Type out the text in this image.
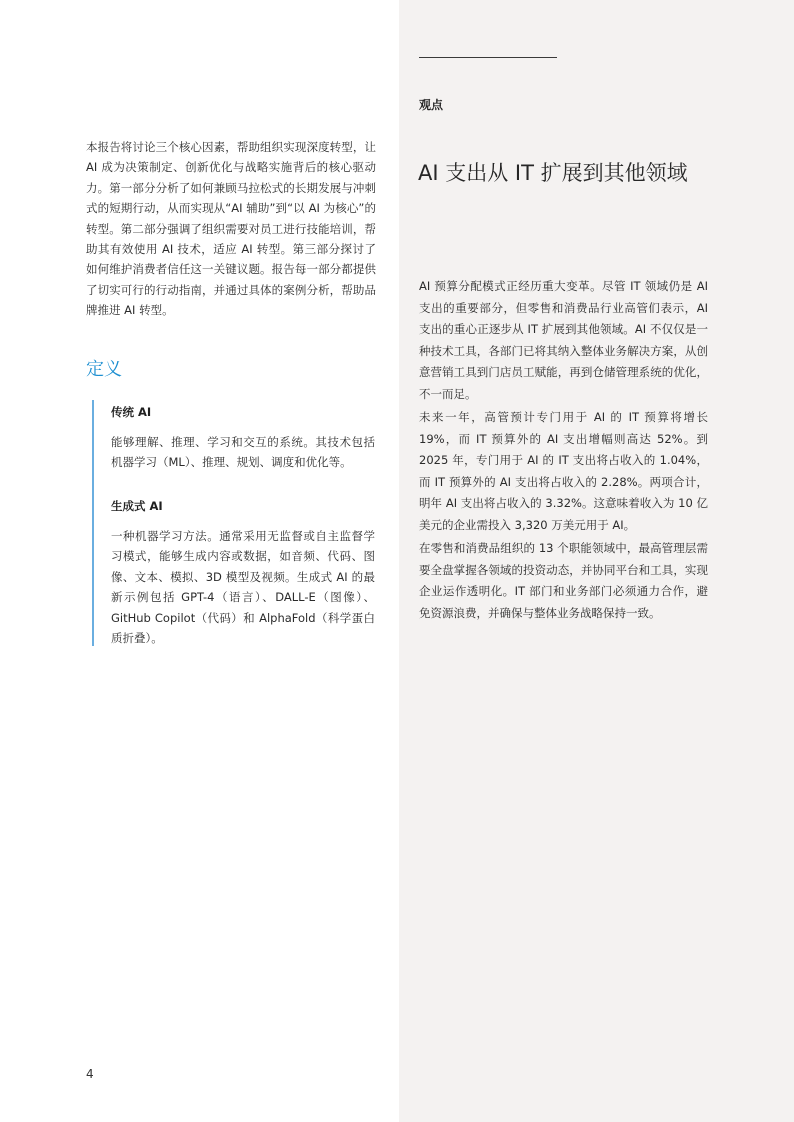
本报告将讨论三个核心因素，帮助组织实现深度转型，让 AI 成为决策制定、创新优化与战略实施背后的核心驱动力。第一部分分析了如何兼顾马拉松式的长期发展与冲刺式的短期行动，从而实现从“AI 辅助”到“以 AI 为核心”的转型。第二部分强调了组织需要对员工进行技能培训，帮助其有效使用 AI 技术，适应 AI 转型。第三部分探讨了如何维护消费者信任这一关键议题。报告每一部分都提供了切实可行的行动指南，并通过具体的案例分析，帮助品牌推进 AI 转型。

定义

传统 AI

能够理解、推理、学习和交互的系统。其技术包括机器学习（ML）、推理、规划、调度和优化等。

生成式 AI

一种机器学习方法。通常采用无监督或自主监督学习模式，能够生成内容或数据，如音频、代码、图像、文本、模拟、3D 模型及视频。生成式 AI 的最新示例包括 GPT-4（语言）、DALL-E（图像）、GitHub Copilot（代码）和 AlphaFold（科学蛋白质折叠）。

观点

AI 支出从 IT 扩展到其他领域

AI 预算分配模式正经历重大变革。尽管 IT 领域仍是 AI 支出的重要部分，但零售和消费品行业高管们表示，AI 支出的重心正逐步从 IT 扩展到其他领域。AI 不仅仅是一种技术工具，各部门已将其纳入整体业务解决方案，从创意营销工具到门店员工赋能，再到仓储管理系统的优化，不一而足。

未来一年，高管预计专门用于 AI 的 IT 预算将增长 19%，而 IT 预算外的 AI 支出增幅则高达 52%。到 2025 年，专门用于 AI 的 IT 支出将占收入的 1.04%，而 IT 预算外的 AI 支出将占收入的 2.28%。两项合计，明年 AI 支出将占收入的 3.32%。这意味着收入为 10 亿美元的企业需投入 3,320 万美元用于 AI。

在零售和消费品组织的 13 个职能领域中，最高管理层需要全盘掌握各领域的投资动态，并协同平台和工具，实现企业运作透明化。IT 部门和业务部门必须通力合作，避免资源浪费，并确保与整体业务战略保持一致。

4
